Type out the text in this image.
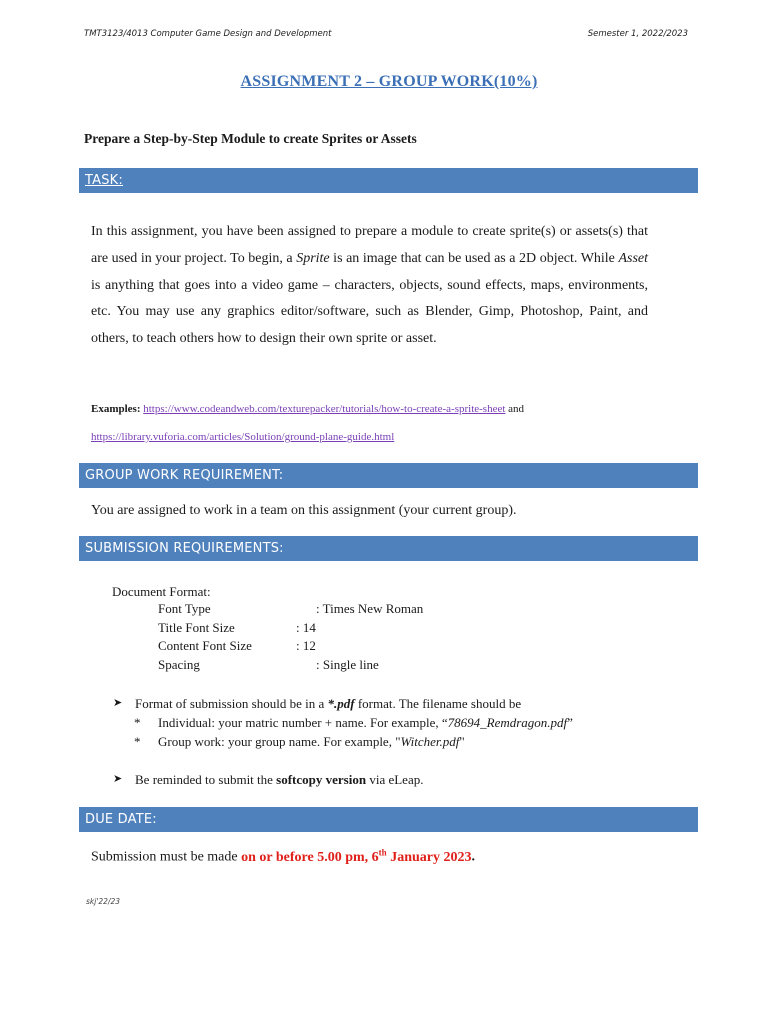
TMT3123/4013 Computer Game Design and Development	Semester 1, 2022/2023
ASSIGNMENT 2 – GROUP WORK(10%)
Prepare a Step-by-Step Module to create Sprites or Assets
TASK:
In this assignment, you have been assigned to prepare a module to create sprite(s) or assets(s) that are used in your project. To begin, a Sprite is an image that can be used as a 2D object. While Asset is anything that goes into a video game – characters, objects, sound effects, maps, environments, etc. You may use any graphics editor/software, such as Blender, Gimp, Photoshop, Paint, and others, to teach others how to design their own sprite or asset.
Examples: https://www.codeandweb.com/texturepacker/tutorials/how-to-create-a-sprite-sheet and
https://library.vuforia.com/articles/Solution/ground-plane-guide.html
GROUP WORK REQUIREMENT:
You are assigned to work in a team on this assignment (your current group).
SUBMISSION REQUIREMENTS:
Document Format:
Font Type	: Times New Roman
Title Font Size	: 14
Content Font Size	: 12
Spacing	: Single line
➤ Format of submission should be in a *.pdf format. The filename should be
* Individual: your matric number + name. For example, “78694_Remdragon.pdf”
* Group work: your group name. For example, "Witcher.pdf"
➤ Be reminded to submit the softcopy version via eLeap.
DUE DATE:
Submission must be made on or before 5.00 pm, 6th January 2023.
skj'22/23
